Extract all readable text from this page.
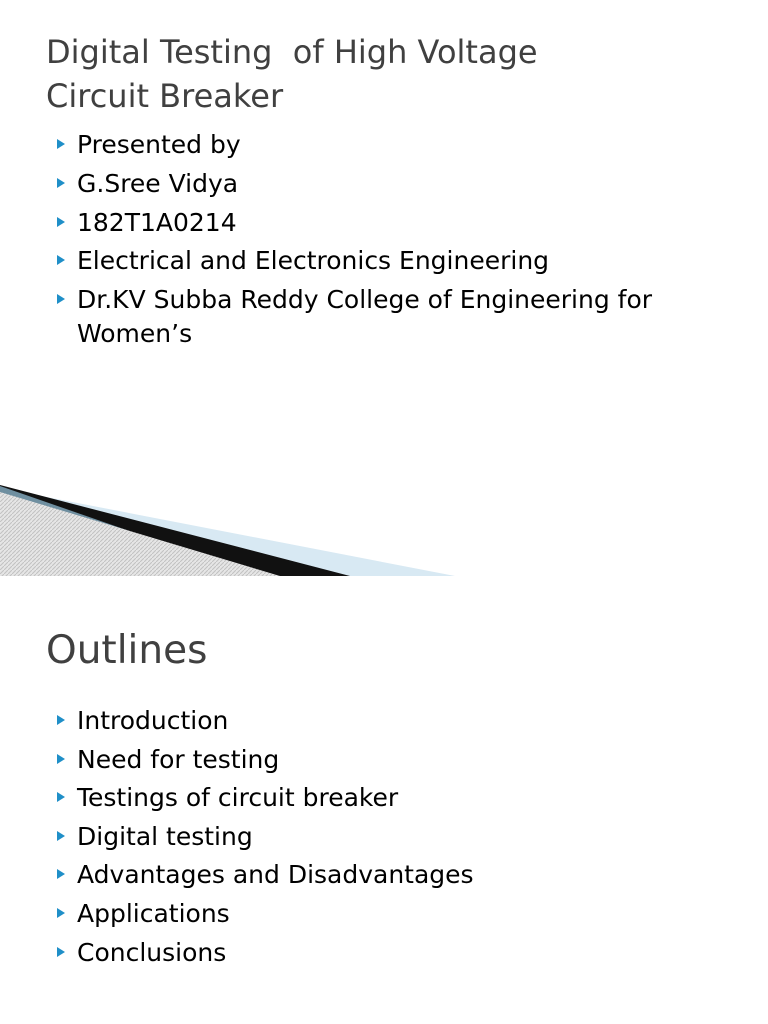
Digital Testing  of High Voltage
Circuit Breaker
Presented by
G.Sree Vidya
182T1A0214
Electrical and Electronics Engineering
Dr.KV Subba Reddy College of Engineering for Women’s
Outlines
Introduction
Need for testing
Testings of circuit breaker
Digital testing
Advantages and Disadvantages
Applications
Conclusions
